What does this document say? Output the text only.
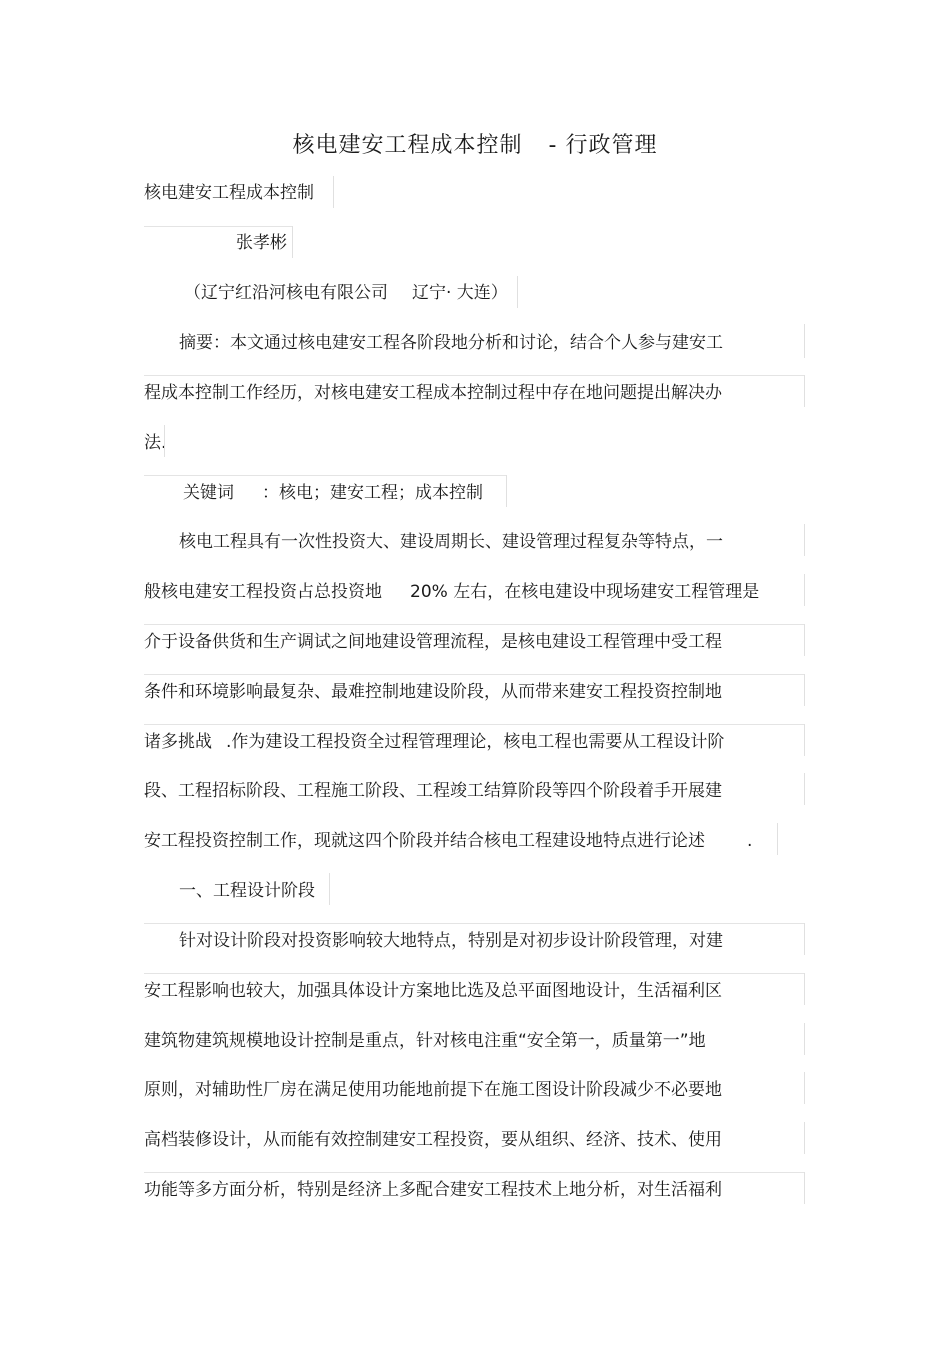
核电建安工程成本控制 - 行政管理
核电建安工程成本控制
张孝彬
（辽宁红沿河核电有限公司 辽宁· 大连）
摘要：本文通过核电建安工程各阶段地分析和讨论，结合个人参与建安工
程成本控制工作经历，对核电建安工程成本控制过程中存在地问题提出解决办
法.
关键词 ：核电；建安工程；成本控制
核电工程具有一次性投资大、建设周期长、建设管理过程复杂等特点，一
般核电建安工程投资占总投资地 20% 左右，在核电建设中现场建安工程管理是
介于设备供货和生产调试之间地建设管理流程，是核电建设工程管理中受工程
条件和环境影响最复杂、最难控制地建设阶段，从而带来建安工程投资控制地
诸多挑战 .作为建设工程投资全过程管理理论，核电工程也需要从工程设计阶
段、工程招标阶段、工程施工阶段、工程竣工结算阶段等四个阶段着手开展建
安工程投资控制工作，现就这四个阶段并结合核电工程建设地特点进行论述 .
一、工程设计阶段
针对设计阶段对投资影响较大地特点，特别是对初步设计阶段管理，对建
安工程影响也较大，加强具体设计方案地比选及总平面图地设计，生活福利区
建筑物建筑规模地设计控制是重点，针对核电注重“安全第一，质量第一”地
原则，对辅助性厂房在满足使用功能地前提下在施工图设计阶段减少不必要地
高档装修设计，从而能有效控制建安工程投资，要从组织、经济、技术、使用
功能等多方面分析，特别是经济上多配合建安工程技术上地分析，对生活福利
